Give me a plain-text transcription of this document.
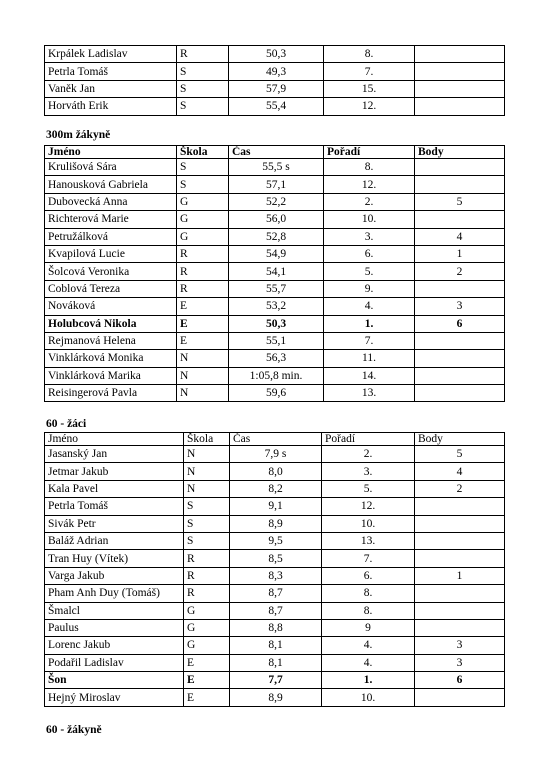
Krpálek Ladislav	R	50,3	8.	
Petrla Tomáš	S	49,3	7.	
Vaněk Jan	S	57,9	15.	
Horváth Erik	S	55,4	12.	
300m žákyně
Jméno	Škola	Čas	Pořadí	Body
Krulišová Sára	S	55,5 s	8.	
Hanousková Gabriela	S	57,1	12.	
Dubovecká Anna	G	52,2	2.	5
Richterová Marie	G	56,0	10.	
Petružálková	G	52,8	3.	4
Kvapilová Lucie	R	54,9	6.	1
Šolcová Veronika	R	54,1	5.	2
Coblová Tereza	R	55,7	9.	
Nováková	E	53,2	4.	3
Holubcová Nikola	E	50,3	1.	6
Rejmanová Helena	E	55,1	7.	
Vinklárková Monika	N	56,3	11.	
Vinklárková Marika	N	1:05,8 min.	14.	
Reisingerová Pavla	N	59,6	13.	
60 - žáci
Jméno	Škola	Čas	Pořadí	Body
Jasanský Jan	N	7,9 s	2.	5
Jetmar Jakub	N	8,0	3.	4
Kala Pavel	N	8,2	5.	2
Petrla Tomáš	S	9,1	12.	
Sivák Petr	S	8,9	10.	
Baláž Adrian	S	9,5	13.	
Tran Huy (Vítek)	R	8,5	7.	
Varga Jakub	R	8,3	6.	1
Pham Anh Duy (Tomáš)	R	8,7	8.	
Šmalcl	G	8,7	8.	
Paulus	G	8,8	9	
Lorenc Jakub	G	8,1	4.	3
Podařil Ladislav	E	8,1	4.	3
Šon	E	7,7	1.	6
Hejný Miroslav	E	8,9	10.	
60 - žákyně
